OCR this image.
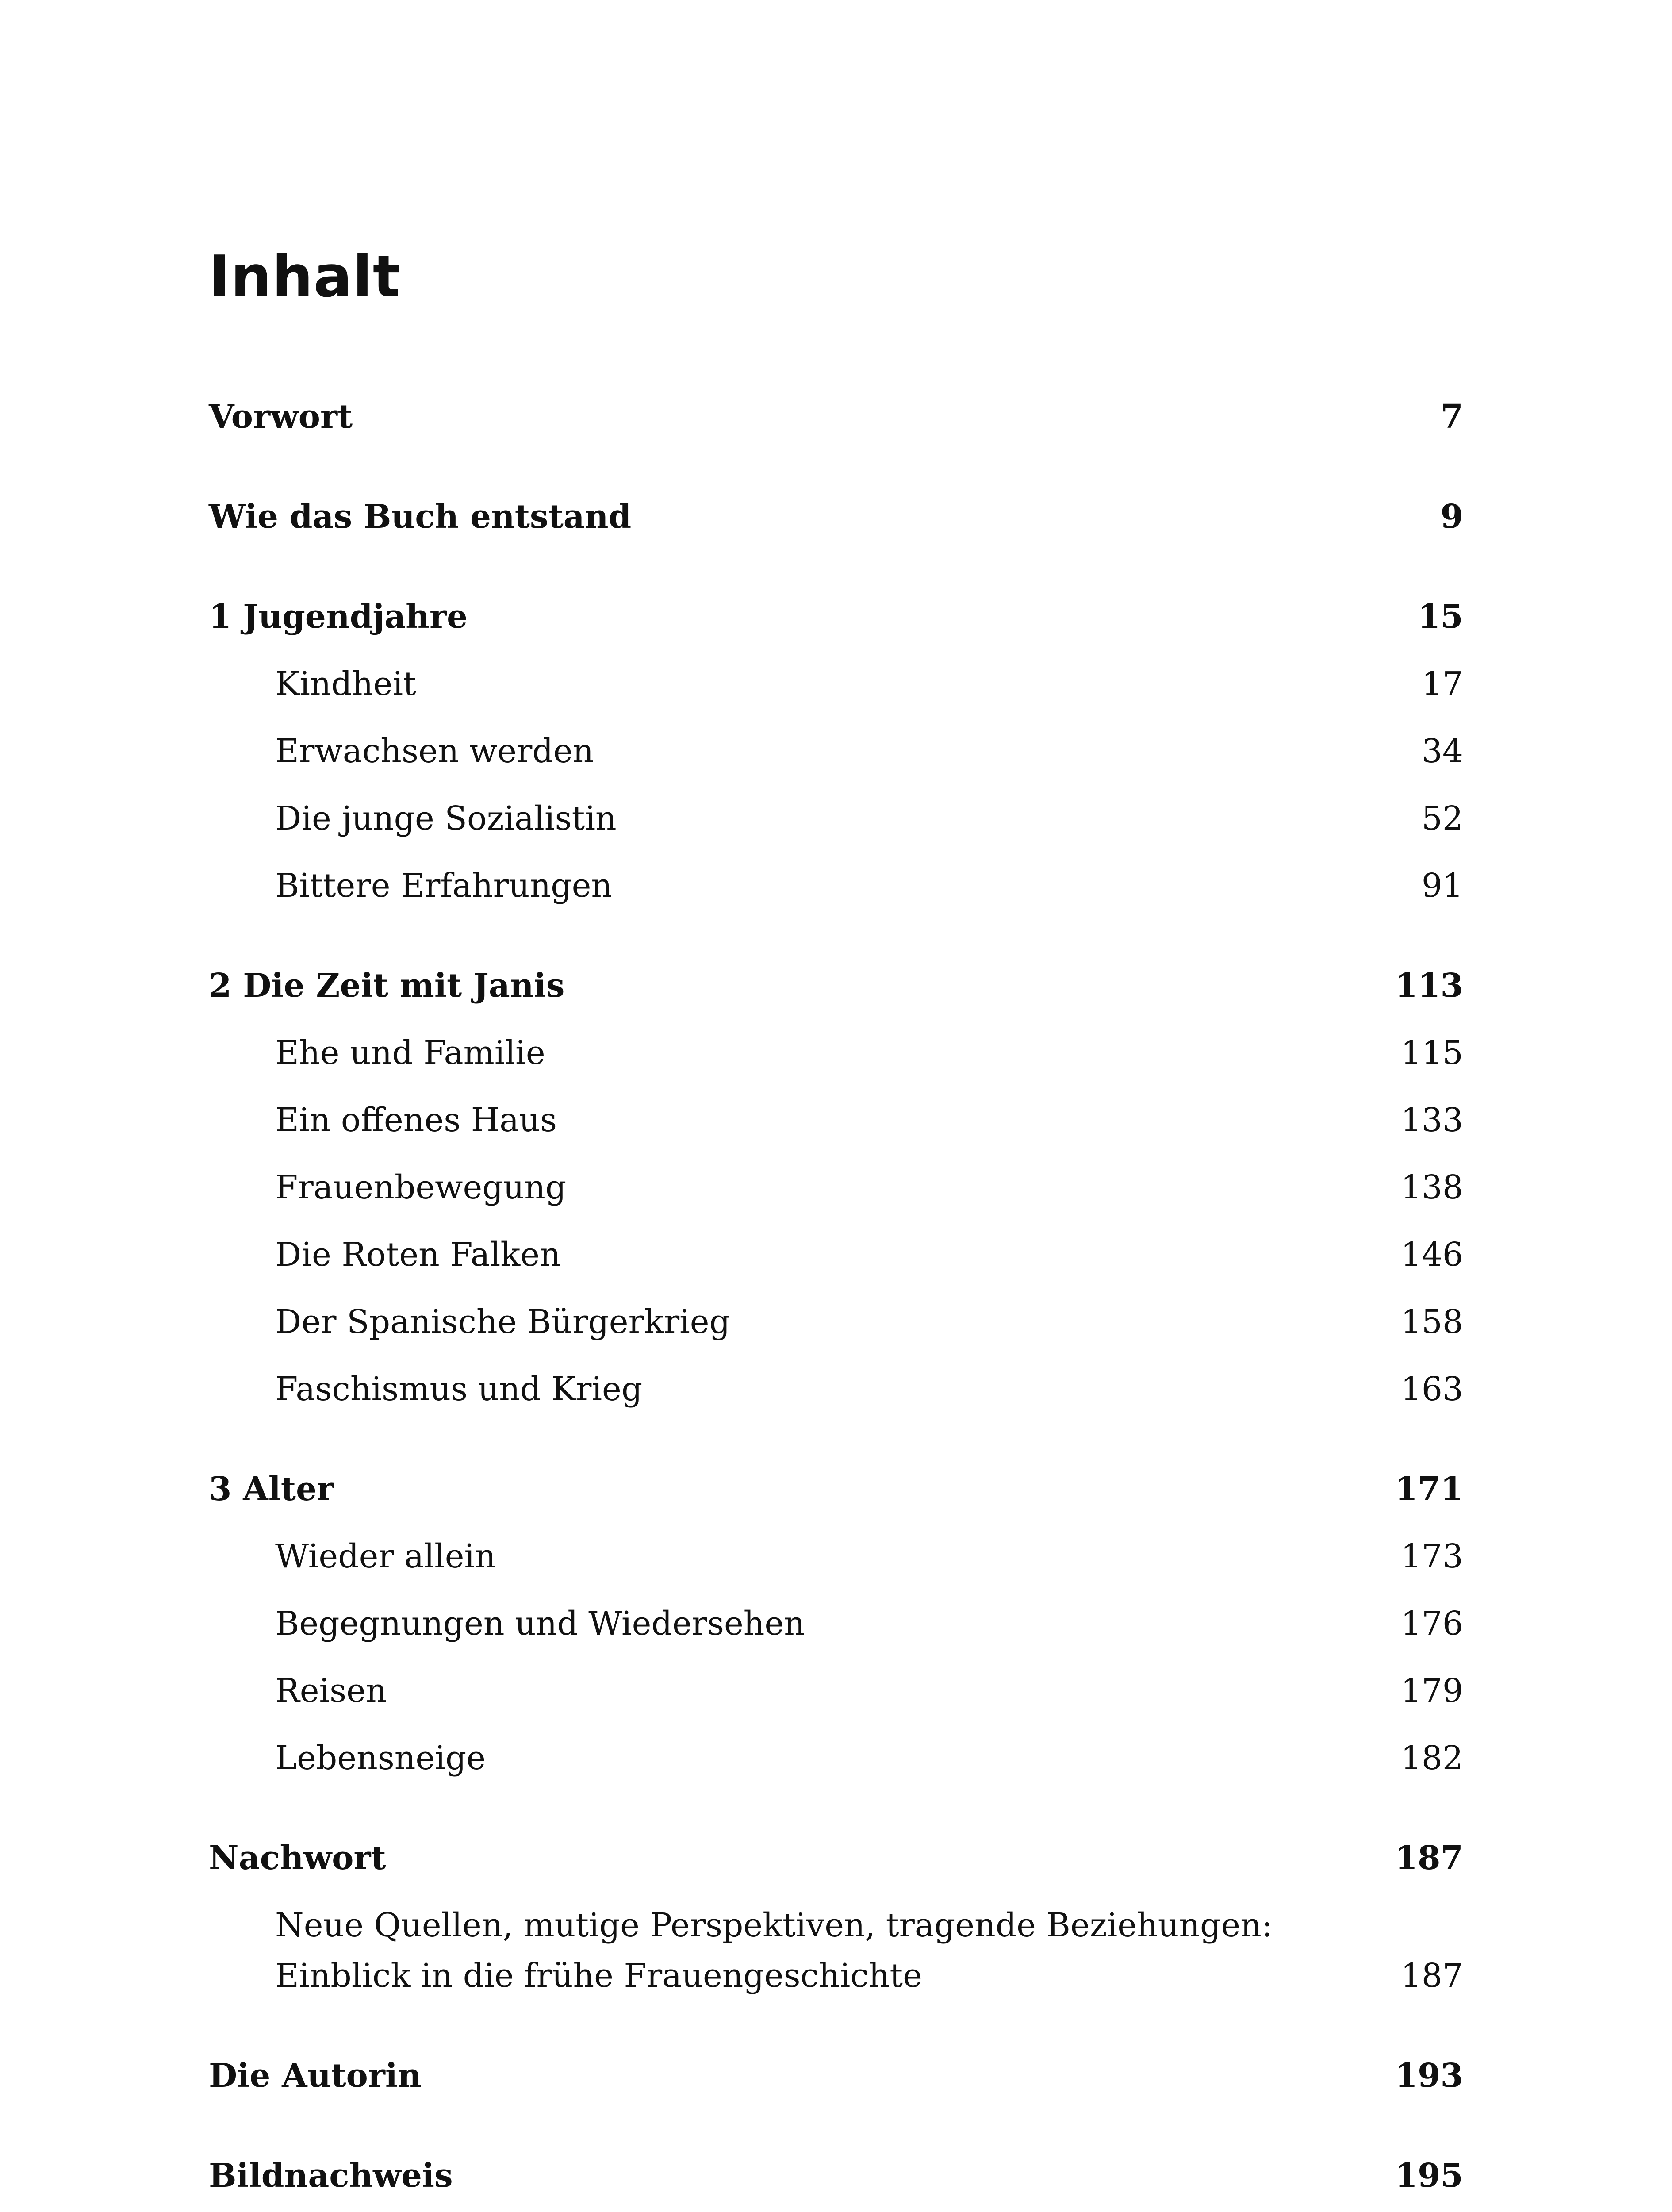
Inhalt
Vorwort	7
Wie das Buch entstand	9
1 Jugendjahre	15
Kindheit	17
Erwachsen werden	34
Die junge Sozialistin	52
Bittere Erfahrungen	91
2 Die Zeit mit Janis	113
Ehe und Familie	115
Ein offenes Haus	133
Frauenbewegung	138
Die Roten Falken	146
Der Spanische Bürgerkrieg	158
Faschismus und Krieg	163
3 Alter	171
Wieder allein	173
Begegnungen und Wiedersehen	176
Reisen	179
Lebensneige	182
Nachwort	187
Neue Quellen, mutige Perspektiven, tragende Beziehungen:
Einblick in die frühe Frauengeschichte	187
Die Autorin	193
Bildnachweis	195
